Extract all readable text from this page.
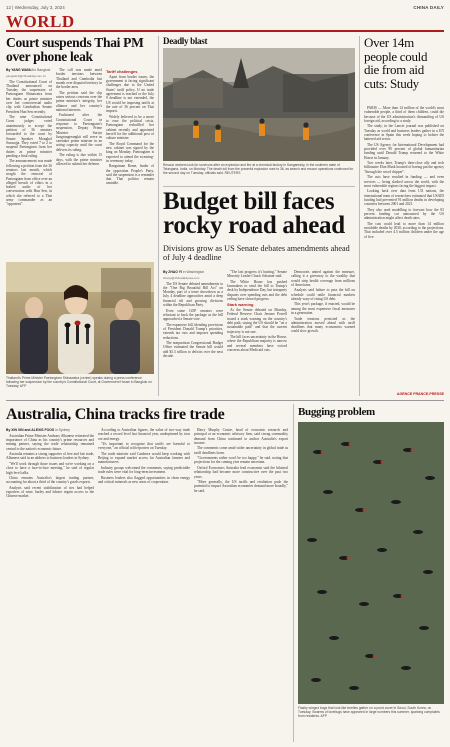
12 | Wednesday, July 3, 2024	CHINA DAILY
WORLD
Court suspends Thai PM over phone leak
By YANG WANLI in Bangkok
yangwanli@chinadaily.com.cn

The Constitutional Court of Thailand announced on Tuesday the suspension of Paetongtarn Shinawatra from her duties as prime minister over her controversial audio clip with Cambodian Senate President Hun Sen recently.

The nine Constitutional Court judges voted unanimously to accept the petition of 36 senators forwarded to the court by Senate Speaker Mongkol Surasajja. They voted 7 to 2 to suspend Paetongtarn from her duties as prime minister pending a final ruling.

The announcement was made following a petition from the 36 senators last month, which sought the removal of Paetongtarn from office over an alleged breach of ethics in a leaked audio of her conversation with Hun Sen, in which she referred to a Thai army commander as an "opponent".

The call was made amid border tensions between Thailand and Cambodia last month over disputed territory in the border area.

The petition said the clip raises serious concerns over the prime minister's integrity, her alliance and her country's national interests.

Fashioned after the Constitutional Court in response to Paetongtarn's suspension, Deputy Prime Minister Suriya Jungrungreangkit will serve as caretaker prime minister in an acting capacity until the court delivers its ruling.

The ruling is due within 15 days, with the prime minister allowed to submit her defense.

Tariff challenges

Apart from border issues, the government is facing significant challenges due to the United States' tariff policy. If no trade agreement is reached or the July 9 deadline is not extended, the US would be imposing tariffs at the rate of 36 percent on Thai imports.

Widely believed to be a move to ease the political crisis, Paetongtarn reshuffled her cabinet recently and appointed herself for the additional post of culture minister.

The Royal Command for the new cabinet was signed by the king on Monday. Paetongtarn is expected to attend the swearing-in ceremony today.

Rangsiman Rome, leader of the opposition People's Party, said the suspension is a reminder that Thai politics remain unstable.

Thailand's Prime Minister Paetongtarn Shinawatra (center) speaks during a press conference following her suspension by the country's Constitutional Court, at Government House in Bangkok on Tuesday. AFP
Deadly blast
Rescue workers look for survivors after an explosion and fire at a chemical factory in Sangareddy, in the southern state of Telangana, India, on Monday. The death toll from the powerful explosion rose to 36, as search and rescue operations continued for the second day on Tuesday, officials said. REUTERS
Budget bill faces rocky road ahead
Divisions grow as US Senate debates amendments ahead of July 4 deadline
By ZHAO YI in Washington
zhaoyi@chinadailyusa.com

The US Senate debated amendments to the "One Big Beautiful Bill Act" on Monday, part of a tense showdown as a July 4 deadline approaches amid a deep financial rift and growing divisions within the Republican Party.

Even some GOP senators were reluctant to back the package as the bill approached a Senate vote.

The expansive bill, blending provisions of President Donald Trump's priorities, extends tax cuts and imposes spending reductions.

The nonpartisan Congressional Budget Office estimated the Senate bill would add $3.3 trillion to deficits over the next decade.

"The last progress it's hurting," Senate Minority Leader Chuck Schumer said.

The White House has pushed lawmakers to send the bill to Trump's desk by Independence Day, but intraparty disputes over spending cuts and the debt ceiling have slowed progress.

Stark warning

As the Senate debated on Monday, Federal Reserve Chair Jerome Powell issued a stark warning on the country's debt path, saying the US should be "on a sustainable path" and that the current trajectory is not one.

The bill faces uncertainty in the House, where the Republican majority is narrow and several members have voiced concerns about Medicaid cuts.

Democrats united against the measure, calling it a giveaway to the wealthy that would strip health coverage from millions of Americans.

Analysts said failure to pass the bill on schedule could rattle financial markets already wary of rising US debt.

This year's package, if enacted, would be among the most expensive fiscal measures in a generation.

Trade tensions persisted as the administration moved ahead with tariff deadlines that many economists warned could slow growth.

Over 14m people could die from aid cuts: Study

PARIS — More than 14 million of the world's most vulnerable people, a third of them children, could die because of the US administration's dismantling of US foreign aid, according to a study.

The study, in the Lancet journal was published on Tuesday as world and business leaders gather in a UN conference in Spain this week hoping to bolster the battered aid sector.

The US Agency for International Development had provided over 90 percent of global humanitarian funding until Donald Trump returned to the White House in January.

Two weeks later, Trump's then-close ally and tech billionaire Elon Musk boasted of having put the agency "through the wood chipper".

The cuts have resulted in funding — and even services — being slashed across the world, with the most vulnerable regions facing the biggest impact.

Looking back over data from 133 nations, the international team of researchers estimated that USAID funding had prevented 91 million deaths in developing countries between 2001 and 2021.

They also used modelling to forecast how the 83 percent funding cut announced by the US administration might affect death rates.

The cuts could lead to more than 14 million avoidable deaths by 2030, according to the projections. That included over 4.5 million children under the age of five.

AGENCE FRANCE-PRESSE
Australia, China tracks fire trade
By XIN XIN and ALEXIS FOOS in Sydney

Australian Prime Minister Anthony Albanese reiterated the importance of China as his country's prime resources and mining partner, saying the trade relationship remained central to the nation's economic future.

Australia remains a strong supporter of free and fair trade, Albanese said in an address to business leaders in Sydney.

"We'll work through those issues and we're working on a close to have a face-to-face meeting," he said of regular high-level talks.

China remains Australia's largest trading partner, accounting for about a third of the country's goods exports.

Analysts said recent stabilization of ties had helped exporters of wine, barley and lobster regain access to the Chinese market.

According to Australian figures, the value of two-way trade reached a record level last financial year, underpinned by iron ore and energy.

"It's important to recognise that tariffs are harmful to everyone," an official told reporters on Tuesday.

The trade minister said Canberra would keep working with Beijing to expand market access for Australian farmers and manufacturers.

Industry groups welcomed the comments, saying predictable trade rules were vital for long-term investment.

Business leaders also flagged opportunities in clean energy and critical minerals as new areas of cooperation.

Harry Murphy Cruise, head of economic research and principal at an economic advisory firm, said strong commodity demand from China continued to anchor Australia's export income.

The comments come amid wider uncertainty in global trade as tariff deadlines loom.

"Governments rather won't be too happy," he said, noting that projections for the coming year remain uncertain.

Oxford Economics Australia lead economist said the bilateral relationship had become more constructive over the past two years.

"More generally, the US tariffs and retaliation push the potential to impact Australian economies demand more broadly," he said.

Bugging problem
Flashy winged bugs that look like beetles gather on a pond cover in Seoul, South Korea, on Tuesday. Swarms of lovebugs have appeared in large numbers this summer, sparking complaints from residents. AFP
